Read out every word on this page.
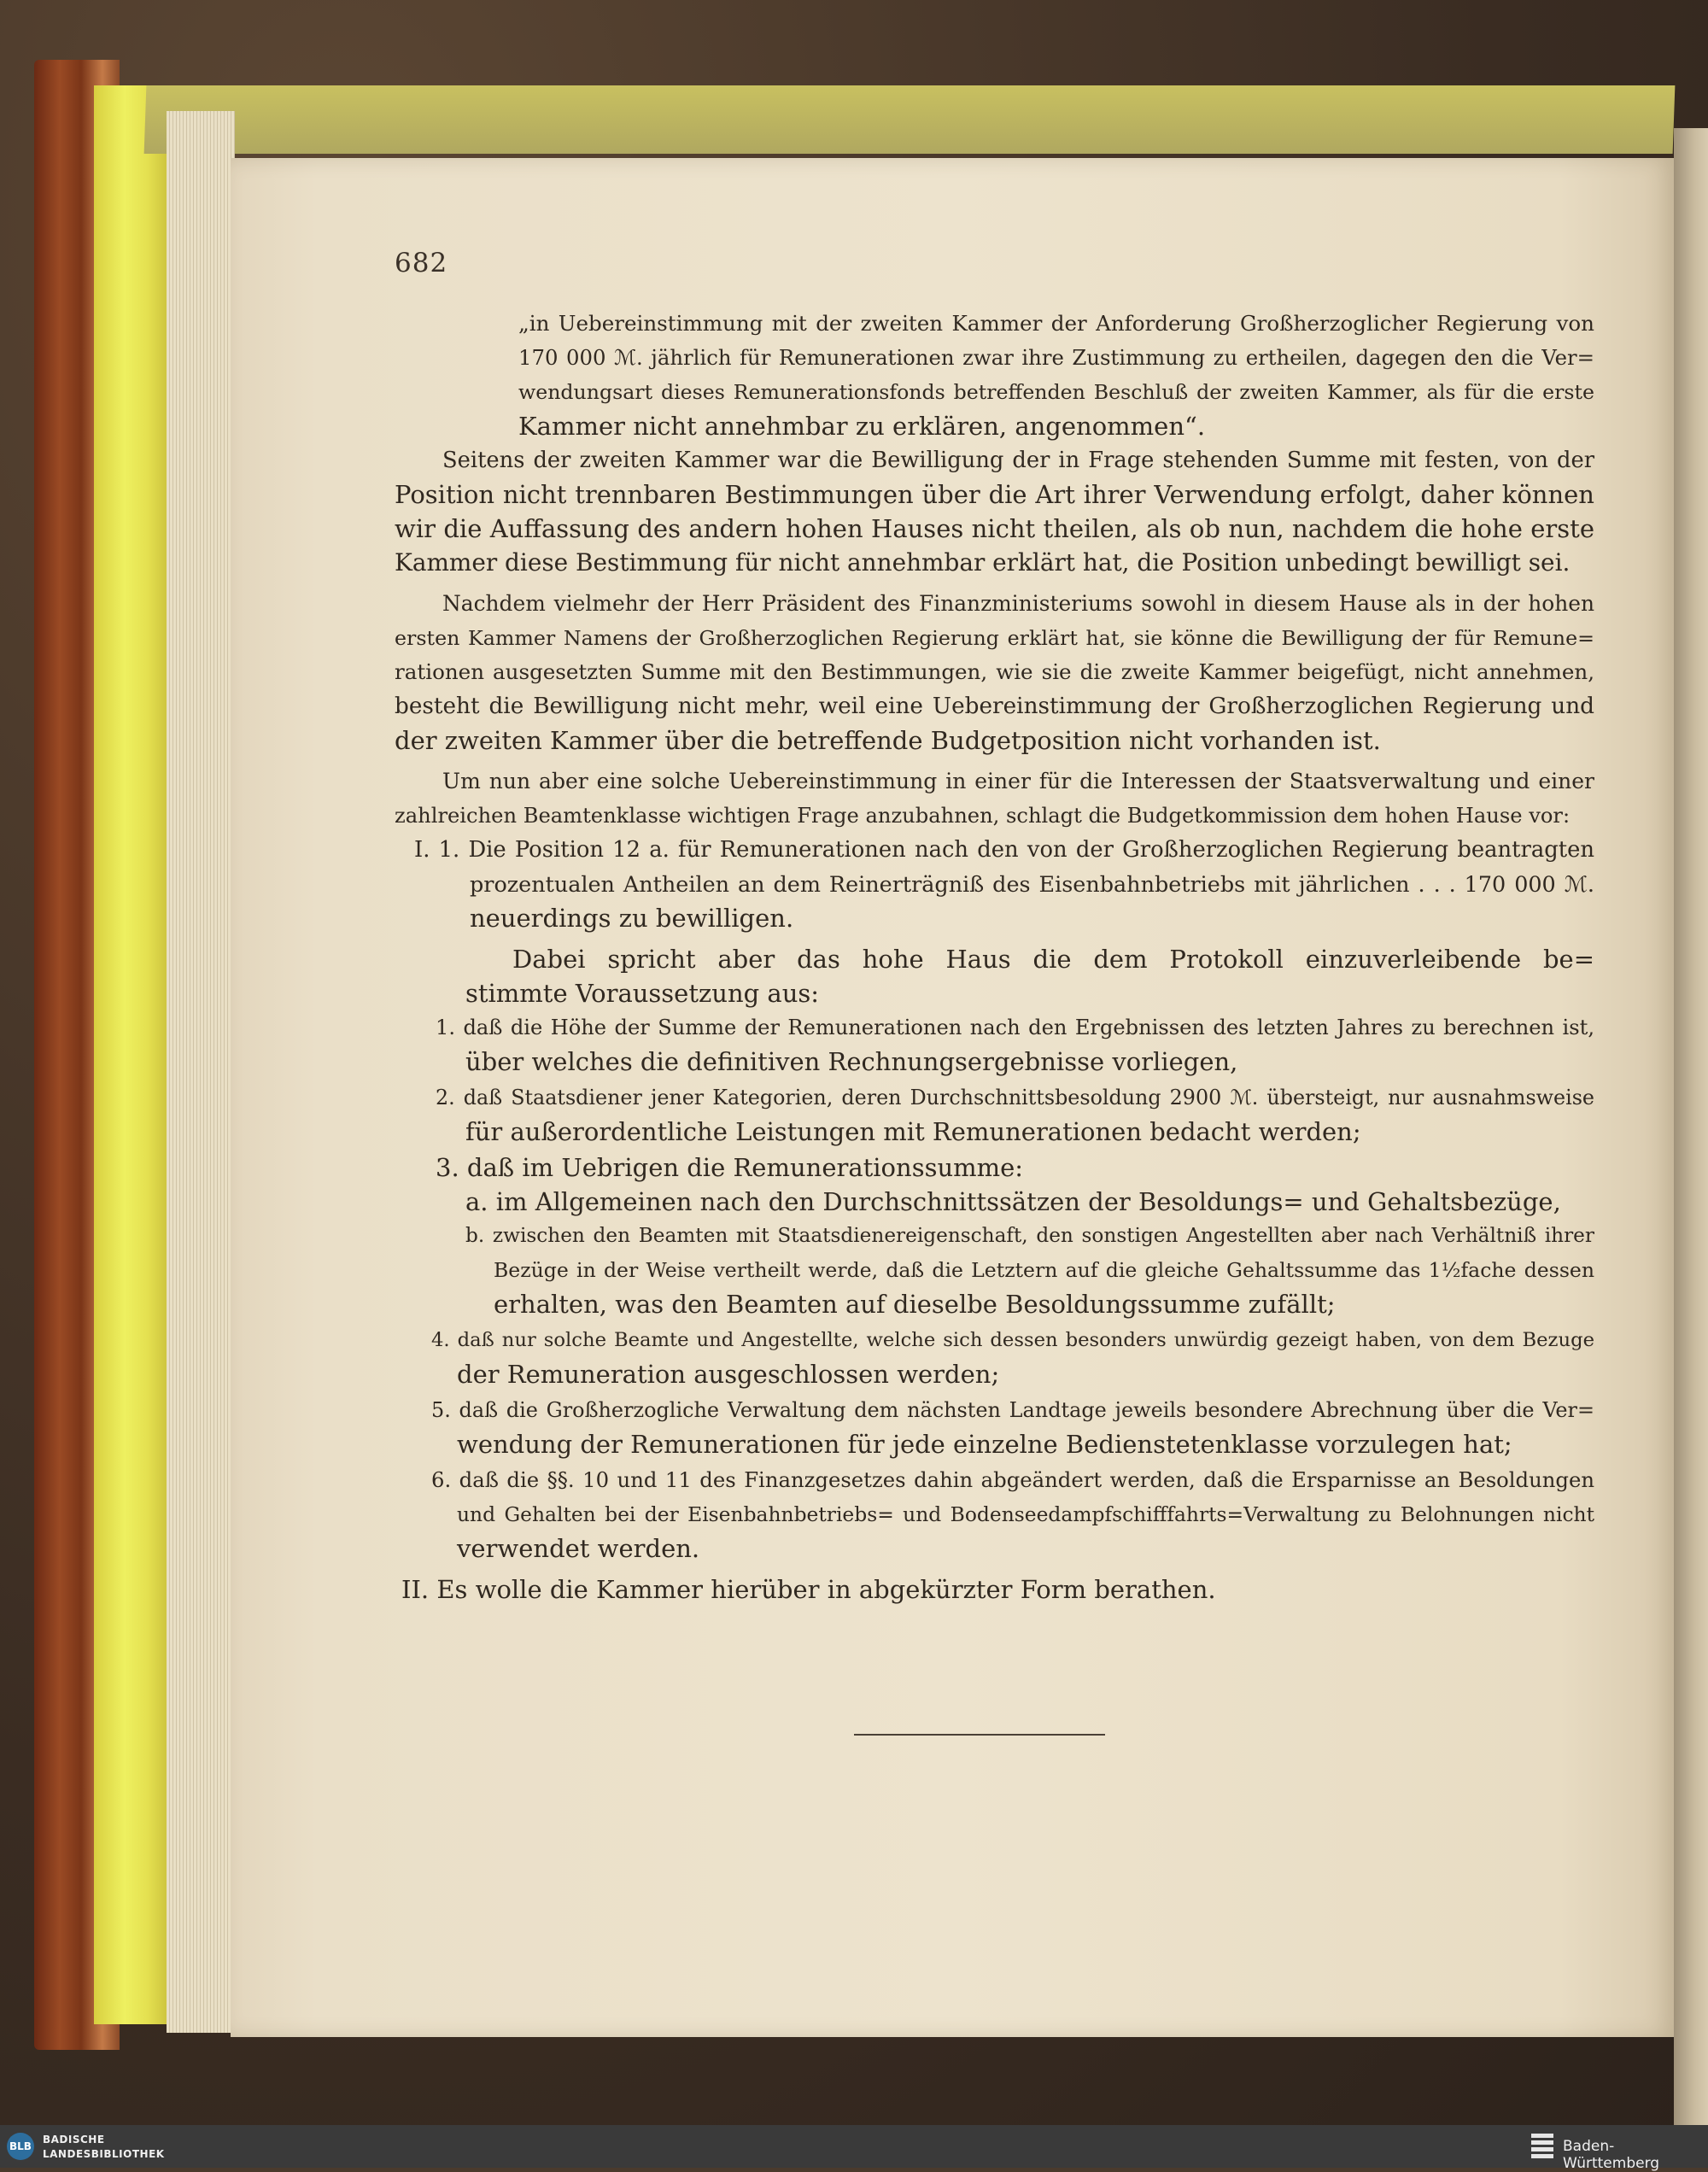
682
„in Uebereinstimmung mit der zweiten Kammer der Anforderung Großherzoglicher Regierung von
170 000 ℳ. jährlich für Remunerationen zwar ihre Zustimmung zu ertheilen, dagegen den die Ver=
wendungsart dieses Remunerationsfonds betreffenden Beschluß der zweiten Kammer, als für die erste
Kammer nicht annehmbar zu erklären, angenommen“.
Seitens der zweiten Kammer war die Bewilligung der in Frage stehenden Summe mit festen, von der
Position nicht trennbaren Bestimmungen über die Art ihrer Verwendung erfolgt, daher können
wir die Auffassung des andern hohen Hauses nicht theilen, als ob nun, nachdem die hohe erste
Kammer diese Bestimmung für nicht annehmbar erklärt hat, die Position unbedingt bewilligt sei.
Nachdem vielmehr der Herr Präsident des Finanzministeriums sowohl in diesem Hause als in der hohen
ersten Kammer Namens der Großherzoglichen Regierung erklärt hat, sie könne die Bewilligung der für Remune=
rationen ausgesetzten Summe mit den Bestimmungen, wie sie die zweite Kammer beigefügt, nicht annehmen,
besteht die Bewilligung nicht mehr, weil eine Uebereinstimmung der Großherzoglichen Regierung und
der zweiten Kammer über die betreffende Budgetposition nicht vorhanden ist.
Um nun aber eine solche Uebereinstimmung in einer für die Interessen der Staatsverwaltung und einer
zahlreichen Beamtenklasse wichtigen Frage anzubahnen, schlagt die Budgetkommission dem hohen Hause vor:
I. 1. Die Position 12 a. für Remunerationen nach den von der Großherzoglichen Regierung beantragten
prozentualen Antheilen an dem Reinerträgniß des Eisenbahnbetriebs mit jährlichen . . . 170 000 ℳ.
neuerdings zu bewilligen.
Dabei spricht aber das hohe Haus die dem Protokoll einzuverleibende be=
stimmte Voraussetzung aus:
1. daß die Höhe der Summe der Remunerationen nach den Ergebnissen des letzten Jahres zu berechnen ist,
über welches die definitiven Rechnungsergebnisse vorliegen,
2. daß Staatsdiener jener Kategorien, deren Durchschnittsbesoldung 2900 ℳ. übersteigt, nur ausnahmsweise
für außerordentliche Leistungen mit Remunerationen bedacht werden;
3. daß im Uebrigen die Remunerationssumme:
a. im Allgemeinen nach den Durchschnittssätzen der Besoldungs= und Gehaltsbezüge,
b. zwischen den Beamten mit Staatsdienereigenschaft, den sonstigen Angestellten aber nach Verhältniß ihrer
Bezüge in der Weise vertheilt werde, daß die Letztern auf die gleiche Gehaltssumme das 1½fache dessen
erhalten, was den Beamten auf dieselbe Besoldungssumme zufällt;
4. daß nur solche Beamte und Angestellte, welche sich dessen besonders unwürdig gezeigt haben, von dem Bezuge
der Remuneration ausgeschlossen werden;
5. daß die Großherzogliche Verwaltung dem nächsten Landtage jeweils besondere Abrechnung über die Ver=
wendung der Remunerationen für jede einzelne Bedienstetenklasse vorzulegen hat;
6. daß die §§. 10 und 11 des Finanzgesetzes dahin abgeändert werden, daß die Ersparnisse an Besoldungen
und Gehalten bei der Eisenbahnbetriebs= und Bodenseedampfschifffahrts=Verwaltung zu Belohnungen nicht
verwendet werden.
II. Es wolle die Kammer hierüber in abgekürzter Form berathen.
BLB
BADISCHE
LANDESBIBLIOTHEK	Baden-Württemberg
